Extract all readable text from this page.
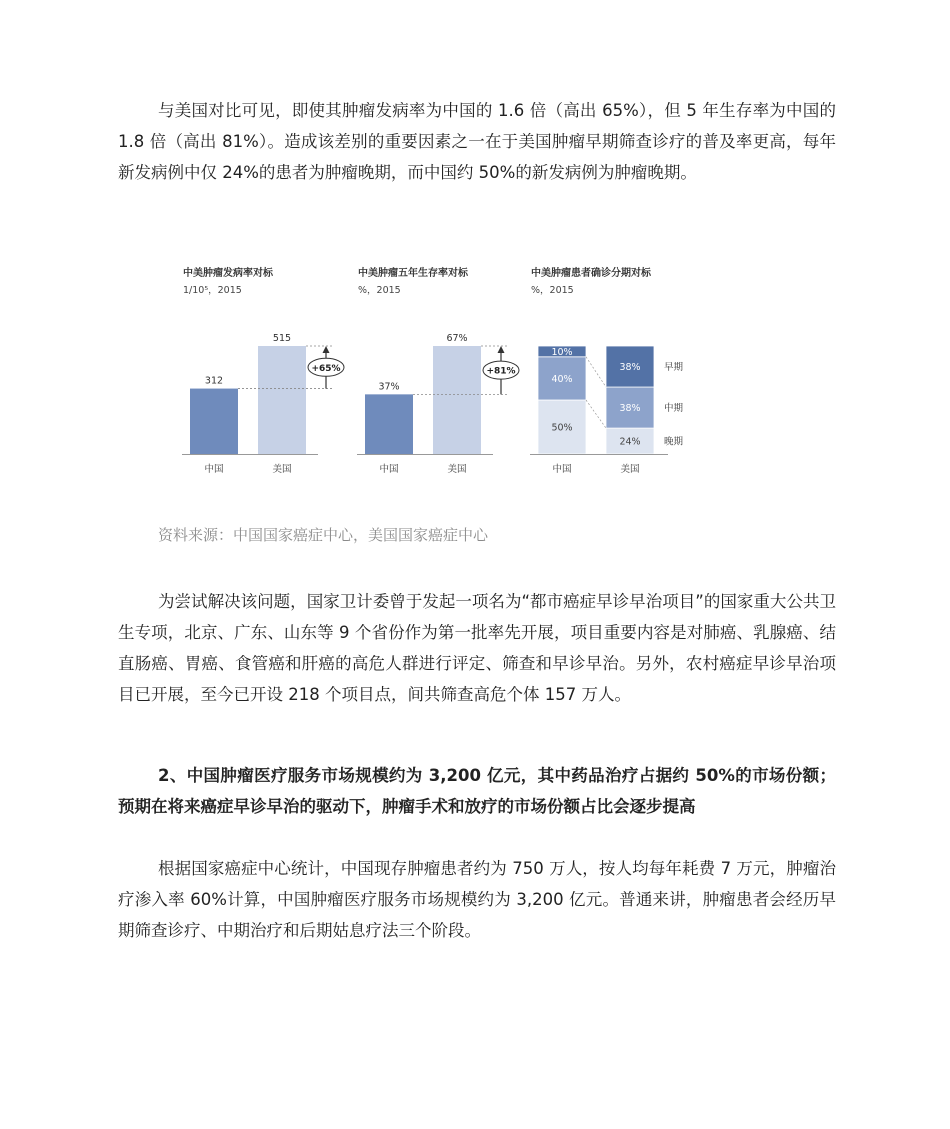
与美国对比可见，即使其肿瘤发病率为中国的 1.6 倍（高出 65%），但 5 年生存率为中国的 1.8 倍（高出 81%）。造成该差别的重要因素之一在于美国肿瘤早期筛查诊疗的普及率更高，每年新发病例中仅 24%的患者为肿瘤晚期，而中国约 50%的新发病例为肿瘤晚期。

中美肿瘤发病率对标
1/10⁵，2015
312
中国
515
美国
+65%
中美肿瘤五年生存率对标
%，2015
37%
中国
67%
美国
+81%
中美肿瘤患者确诊分期对标
%，2015
50%
40%
10%
中国
24%
38%
38%
美国
晚期
中期
早期
资料来源：中国国家癌症中心，美国国家癌症中心

为尝试解决该问题，国家卫计委曾于发起一项名为“都市癌症早诊早治项目”的国家重大公共卫生专项，北京、广东、山东等 9 个省份作为第一批率先开展，项目重要内容是对肺癌、乳腺癌、结直肠癌、胃癌、食管癌和肝癌的高危人群进行评定、筛查和早诊早治。另外，农村癌症早诊早治项目已开展，至今已开设 218 个项目点，间共筛查高危个体 157 万人。

2、中国肿瘤医疗服务市场规模约为 3,200 亿元，其中药品治疗占据约 50%的市场份额；预期在将来癌症早诊早治的驱动下，肿瘤手术和放疗的市场份额占比会逐步提高

根据国家癌症中心统计，中国现存肿瘤患者约为 750 万人，按人均每年耗费 7 万元，肿瘤治疗渗入率 60%计算，中国肿瘤医疗服务市场规模约为 3,200 亿元。普通来讲，肿瘤患者会经历早期筛查诊疗、中期治疗和后期姑息疗法三个阶段。
